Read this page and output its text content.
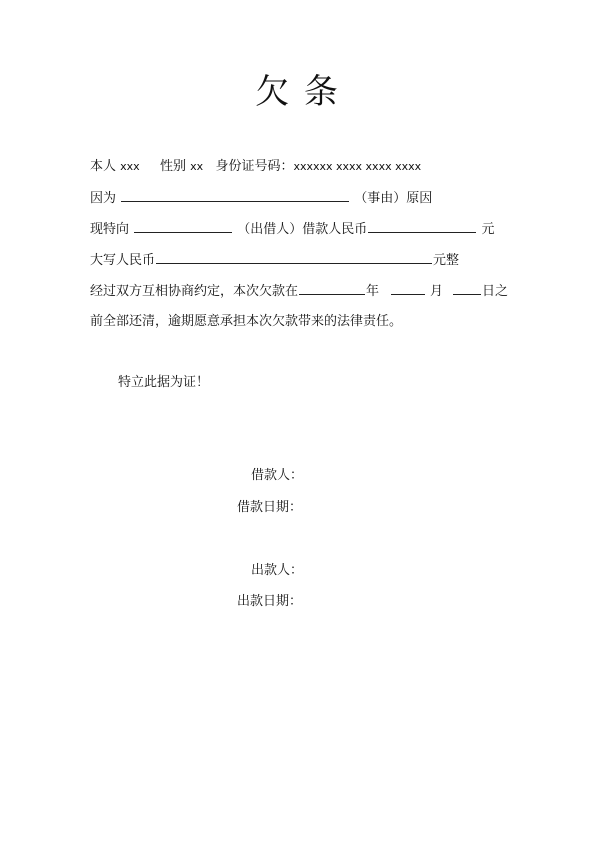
欠 条
本人 xxx 性别 xx 身份证号码：xxxxxx xxxx xxxx xxxx
因为	（事由）原因
现特向	（出借人）借款人民币	元
大写人民币	元整
经过双方互相协商约定，本次欠款在	年	月	日之
前全部还清，逾期愿意承担本次欠款带来的法律责任。
特立此据为证！
借款人：
借款日期：
出款人：
出款日期：
